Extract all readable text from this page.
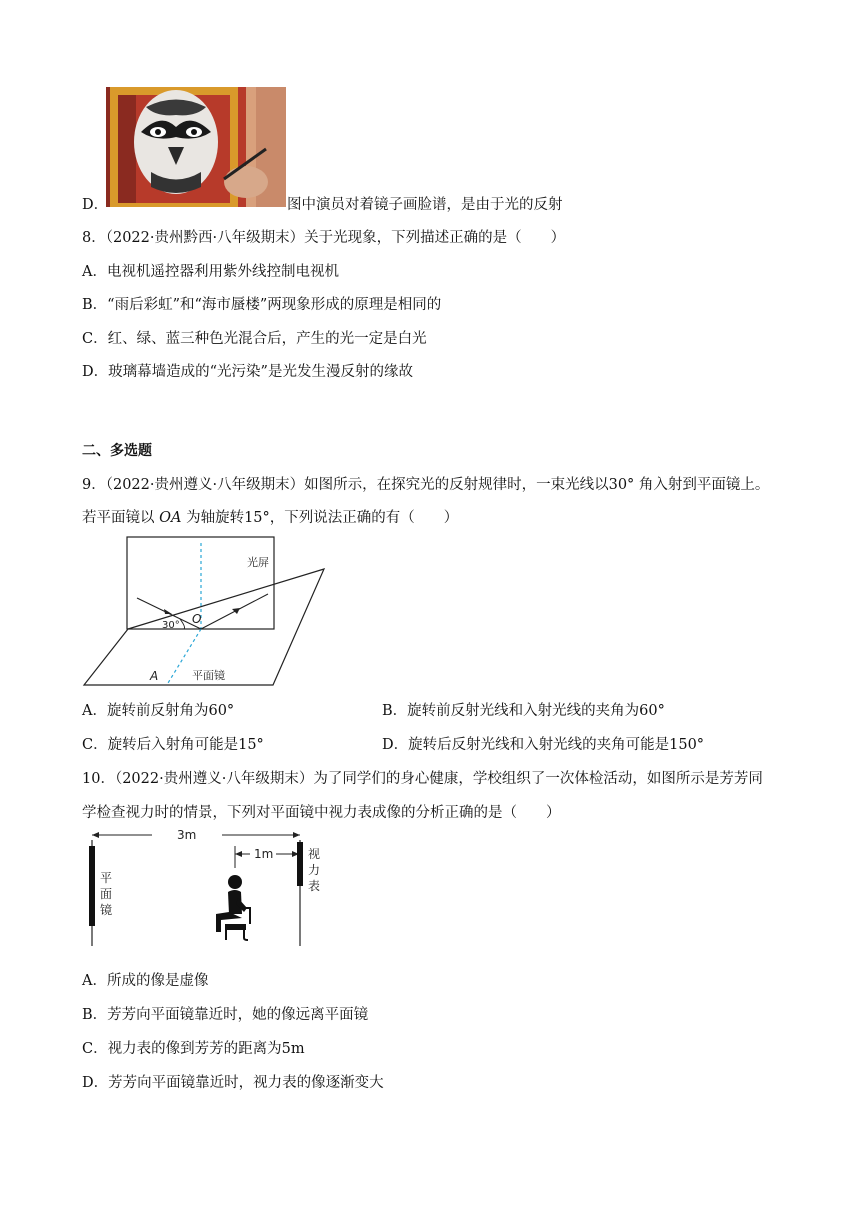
D．	图中演员对着镜子画脸谱，是由于光的反射
8．（2022·贵州黔西·八年级期末）关于光现象，下列描述正确的是（　　）
A．电视机遥控器利用紫外线控制电视机
B．“雨后彩虹”和“海市蜃楼”两现象形成的原理是相同的
C．红、绿、蓝三种色光混合后，产生的光一定是白光
D．玻璃幕墙造成的“光污染”是光发生漫反射的缘故
二、多选题
9．（2022·贵州遵义·八年级期末）如图所示，在探究光的反射规律时，一束光线以30° 角入射到平面镜上。
若平面镜以 OA 为轴旋转15°，下列说法正确的有（　　）
光屏
O
30°
A	平面镜
A．旋转前反射角为60°	B．旋转前反射光线和入射光线的夹角为60°
C．旋转后入射角可能是15°	D．旋转后反射光线和入射光线的夹角可能是150°
10．（2022·贵州遵义·八年级期末）为了同学们的身心健康，学校组织了一次体检活动，如图所示是芳芳同
学检查视力时的情景，下列对平面镜中视力表成像的分析正确的是（　　）
3m
平
面
镜
1m	视
力
表
A．所成的像是虚像
B．芳芳向平面镜靠近时，她的像远离平面镜
C．视力表的像到芳芳的距离为5m
D．芳芳向平面镜靠近时，视力表的像逐渐变大
